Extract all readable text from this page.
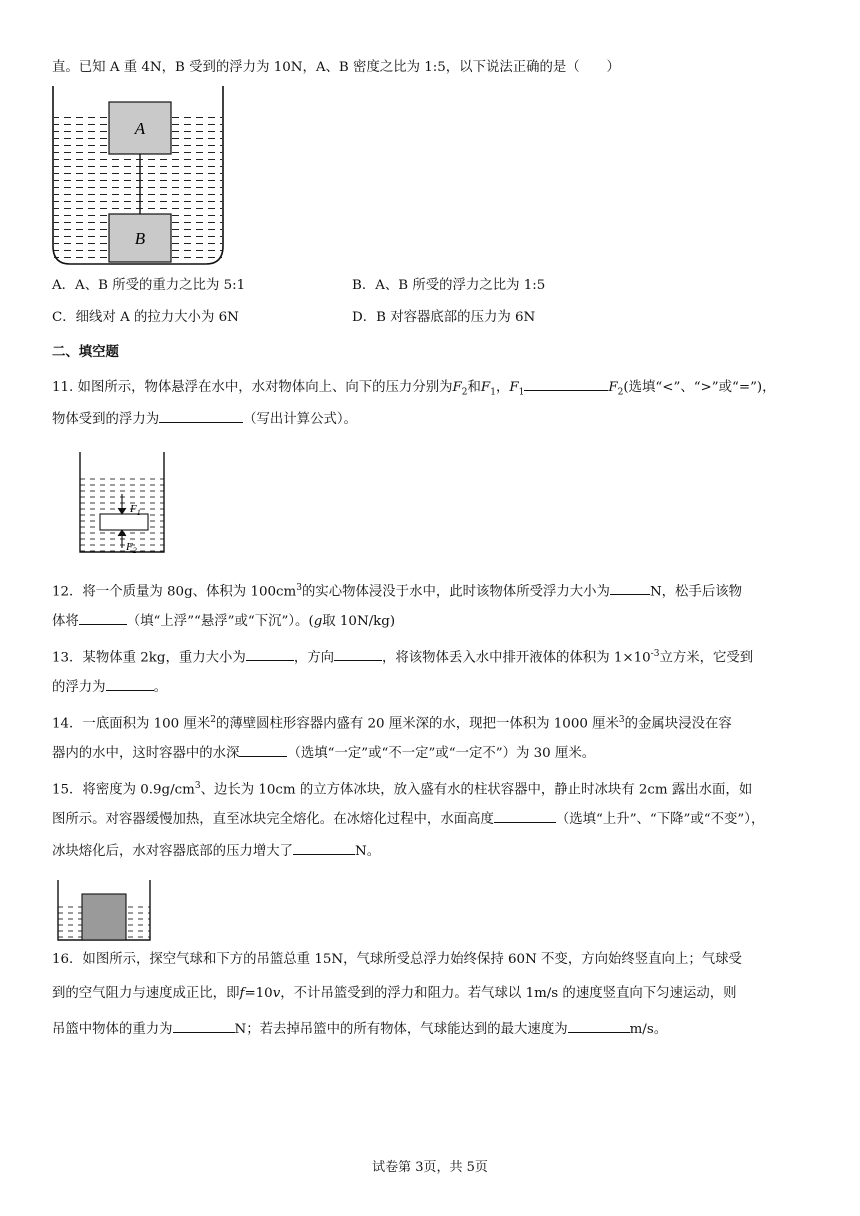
直。已知 A 重 4N，B 受到的浮力为 10N，A、B 密度之比为 1:5，以下说法正确的是（　　）
A
B
A．A、B 所受的重力之比为 5:1	B．A、B 所受的浮力之比为 1:5
C．细线对 A 的拉力大小为 6N	D．B 对容器底部的压力为 6N
二、填空题
11. 如图所示，物体悬浮在水中，水对物体向上、向下的压力分别为$F_2$和$F_1$，$F_1$	$F_2$(选填“<”、“>”或“=”)，
物体受到的浮力为	（写出计算公式）。
$F_1$
$F_2$
12．将一个质量为 80g、体积为 $100cm^3$的实心物体浸没于水中，此时该物体所受浮力大小为	N，松手后该物
体将	（填“上浮”“悬浮”或“下沉”）。(g取 10N/kg)
13．某物体重 2kg，重力大小为	，方向	，将该物体丢入水中排开液体的体积为 $1\times 10^{-3}$立方米，它受到
的浮力为	。
14．一底面积为 100 厘米$^2$的薄壁圆柱形容器内盛有 20 厘米深的水，现把一体积为 1000 厘米$^3$的金属块浸没在容
器内的水中，这时容器中的水深	（选填“一定”或“不一定”或“一定不”）为 30 厘米。
15．将密度为 $0.9g/cm^3$、边长为 10cm 的立方体冰块，放入盛有水的柱状容器中，静止时冰块有 2cm 露出水面，如
图所示。对容器缓慢加热，直至冰块完全熔化。在冰熔化过程中，水面高度	（选填“上升”、“下降”或“不变”），
冰块熔化后，水对容器底部的压力增大了	N。
16．如图所示，探空气球和下方的吊篮总重 15N，气球所受总浮力始终保持 60N 不变，方向始终竖直向上；气球受
到的空气阻力与速度成正比，即f=10v，不计吊篮受到的浮力和阻力。若气球以 1m/s 的速度竖直向下匀速运动，则
吊篮中物体的重力为	N；若去掉吊篮中的所有物体，气球能达到的最大速度为	m/s。
试卷第 3页，共 5页
